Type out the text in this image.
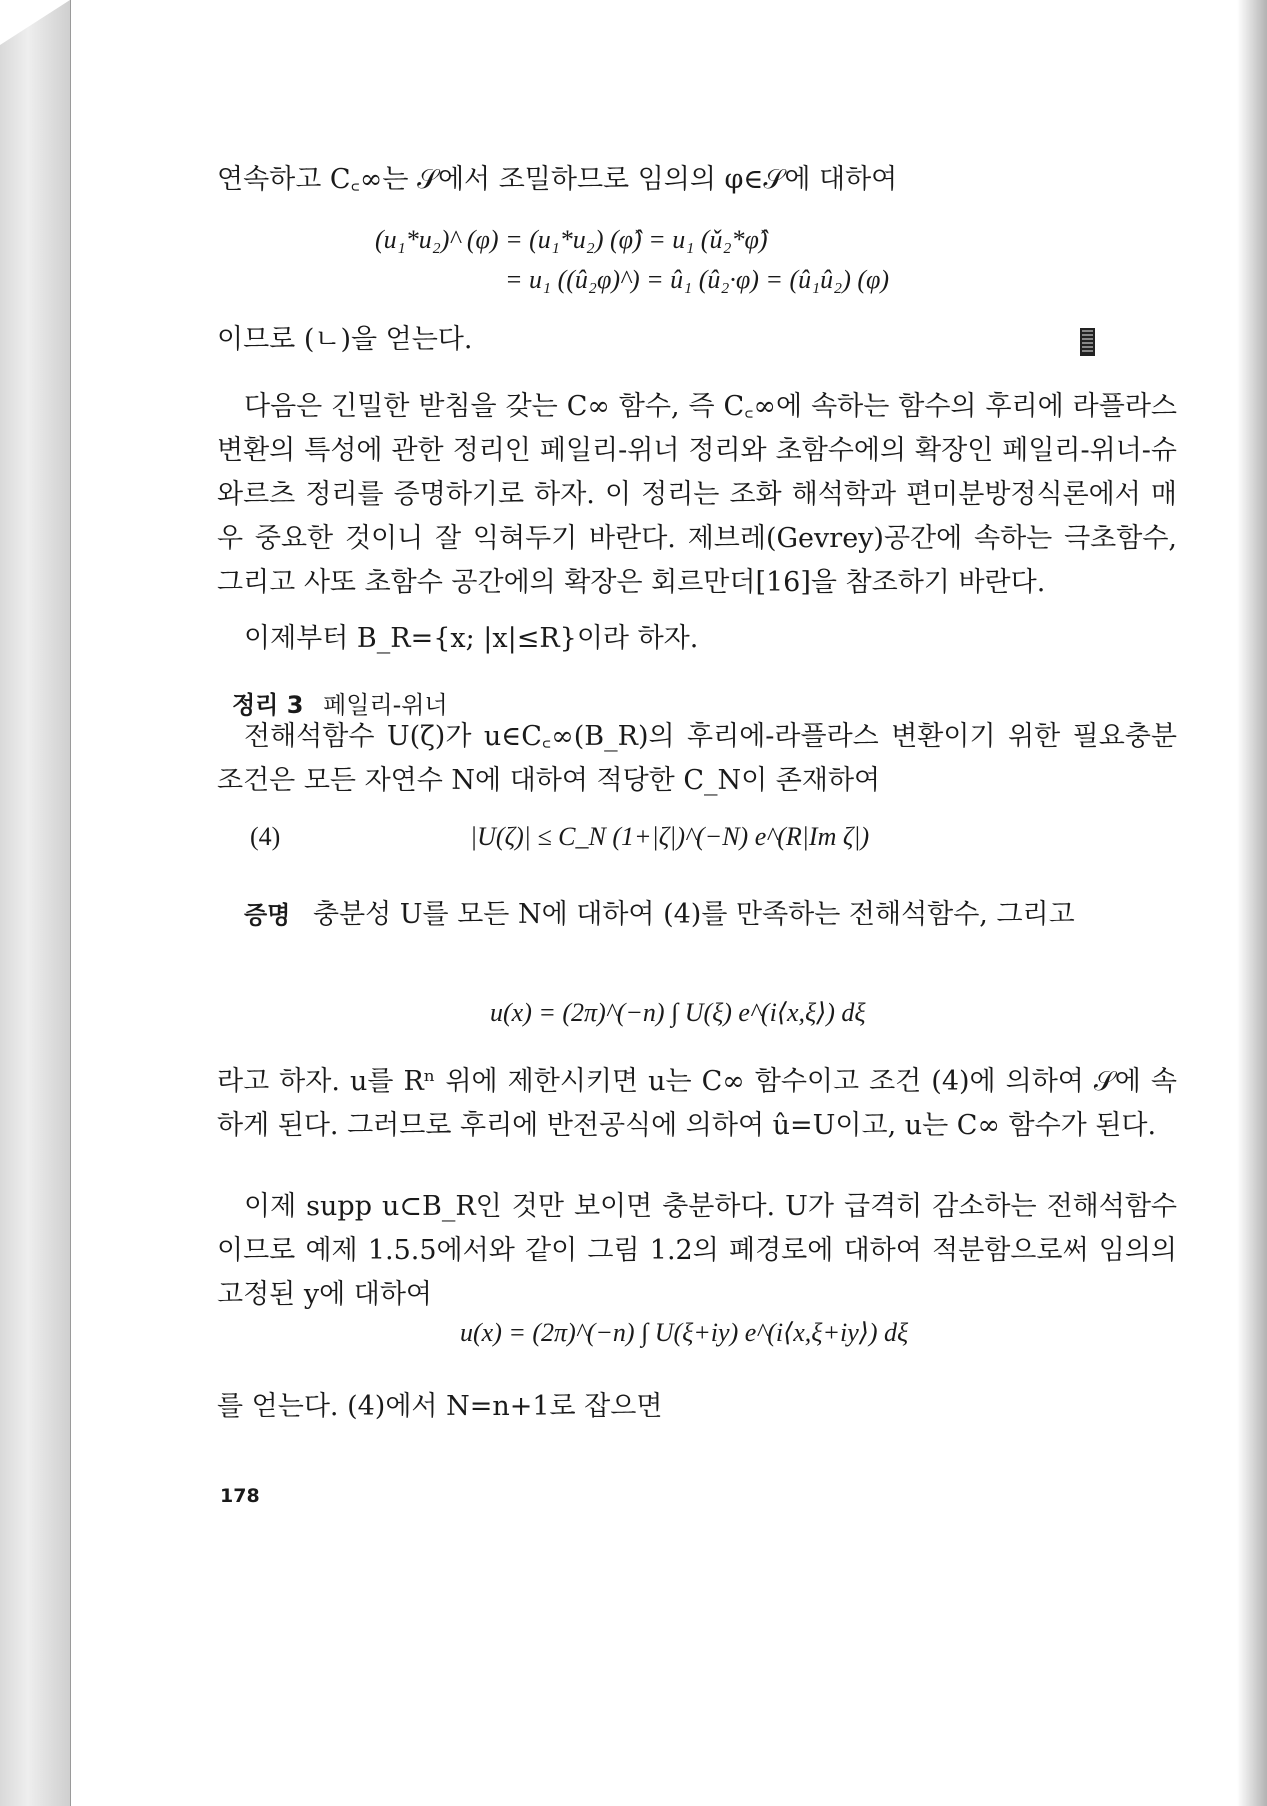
연속하고 C꜀∞는 𝒮에서 조밀하므로 임의의 φ∈𝒮에 대하여
(u₁*u₂)^ (φ) = (u₁*u₂) (φ̂) = u₁ (ǔ₂*φ̂)
= u₁ ((û₂φ)^) = û₁ (û₂·φ) = (û₁û₂) (φ)
이므로 (ㄴ)을 얻는다.
다음은 긴밀한 받침을 갖는 C∞ 함수, 즉 C꜀∞에 속하는 함수의 후리에 라플라스 변환의 특성에 관한 정리인 페일리-위너 정리와 초함수에의 확장인 페일리-위너-슈와르츠 정리를 증명하기로 하자. 이 정리는 조화 해석학과 편미분방정식론에서 매우 중요한 것이니 잘 익혀두기 바란다. 제브레(Gevrey)공간에 속하는 극초함수, 그리고 사또 초함수 공간에의 확장은 회르만더[16]을 참조하기 바란다.
이제부터 B_R={x; |x|≤R}이라 하자.
정리 3 페일리-위너
전해석함수 U(ζ)가 u∈C꜀∞(B_R)의 후리에-라플라스 변환이기 위한 필요충분조건은 모든 자연수 N에 대하여 적당한 C_N이 존재하여
(4)	|U(ζ)| ≤ C_N (1+|ζ|)^(−N) e^(R|Im ζ|)
증명 충분성 U를 모든 N에 대하여 (4)를 만족하는 전해석함수, 그리고
u(x) = (2π)^(−n) ∫ U(ξ) e^(i⟨x,ξ⟩) dξ
라고 하자. u를 Rⁿ 위에 제한시키면 u는 C∞ 함수이고 조건 (4)에 의하여 𝒮에 속하게 된다. 그러므로 후리에 반전공식에 의하여 û=U이고, u는 C∞ 함수가 된다.
이제 supp u⊂B_R인 것만 보이면 충분하다. U가 급격히 감소하는 전해석함수이므로 예제 1.5.5에서와 같이 그림 1.2의 폐경로에 대하여 적분함으로써 임의의 고정된 y에 대하여
u(x) = (2π)^(−n) ∫ U(ξ+iy) e^(i⟨x,ξ+iy⟩) dξ
를 얻는다. (4)에서 N=n+1로 잡으면
178
